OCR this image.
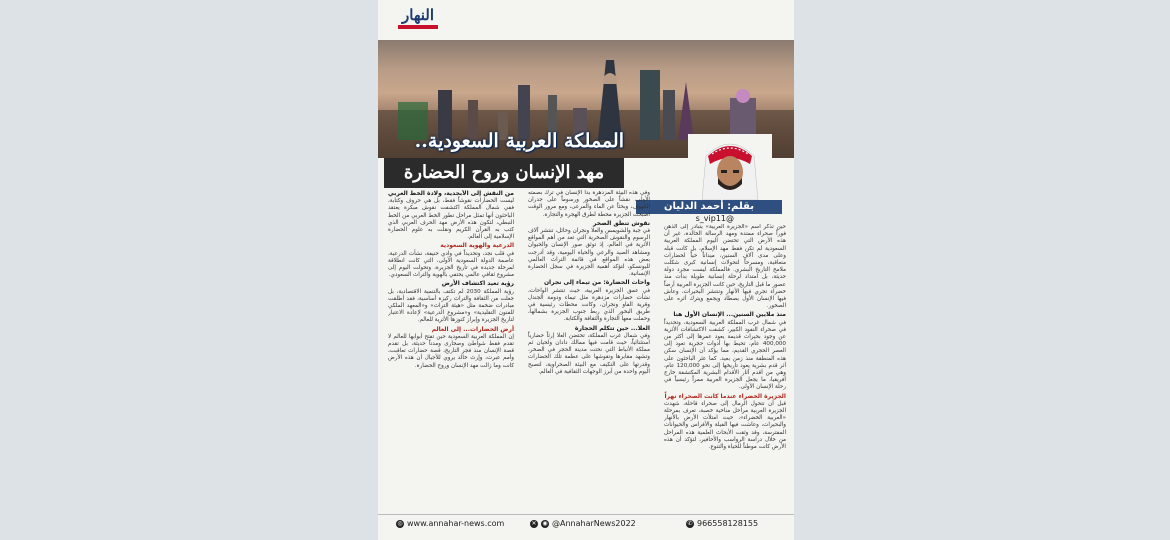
النهار
المملكة العربية السعودية..
مهد الإنسان وروح الحضارة
بقلم: أحمد الدليان
s_vip11@

حين تذكر اسم «الجزيرة العربية» يتبادر إلى الذهن فوراً صحراء ممتدة ومهد الرسالة الخالدة، غير أن هذه الأرض التي تحتضن اليوم المملكة العربية السعودية لم تكن فقط مهد الإسلام، بل كانت قبله وعلى مدى آلاف السنين، ميداناً حياً لحضارات متعاقبة، ومسرحاً لتحولات إنسانية كبرى شكلت ملامح التاريخ البشري. فالمملكة ليست مجرد دولة حديثة، بل امتداد لرحلة إنسانية طويلة بدأت منذ عصور ما قبل التاريخ، حين كانت الجزيرة العربية أرضاً خضراء تجري فيها الأنهار وتنتشر البحيرات، وعاش فيها الإنسان الأول يصطاد ويجمع ويترك أثره على الصخور.

منذ ملايين السنين... الإنسان الأول هنا

في شمال غرب المملكة العربية السعودية، وتحديداً في صحراء النفود الكبير، كشفت الاكتشافات الأثرية عن وجود بحيرات قديمة يعود عمرها إلى أكثر من 400,000 عام، تحيط بها أدوات حجرية تعود إلى العصر الحجري القديم، مما يؤكد أن الإنسان سكن هذه المنطقة منذ زمن بعيد. كما عثر الباحثون على أثر قدم بشرية يعود تاريخها إلى نحو 120,000 عام، وهي من أقدم آثار الأقدام البشرية المكتشفة خارج أفريقيا، ما يجعل الجزيرة العربية ممراً رئيسياً في رحلة الإنسان الأولى.

الجزيرة الخضراء عندما كانت الصحراء نهراً

قبل أن تتحول الرمال إلى صحراء قاحلة، شهدت الجزيرة العربية مراحل مناخية خصبة، تعرف بمرحلة «العربية الخضراء»، حيث امتلأت الأرض بالأنهار والبحيرات، وعاشت فيها الفيلة والأفراس والحيوانات المفترسة، وقد وثقت الأبحاث العلمية هذه المراحل من خلال دراسة الرواسب والأحافير، لتؤكد أن هذه الأرض كانت موطناً للحياة والتنوع.

وفي هذه البيئة المزدهرة بدأ الإنسان في ترك بصمته الأولى، نقشاً على الصخور ورسوماً على جدران الكهوف، وبحثاً عن الماء والمرعى، ومع مرور الوقت أصبحت الجزيرة محطة لطرق الهجرة والتجارة.

نقوش تنطق الصخر

في جبة والشويمس والعلا ونجران وحائل، تنتشر آلاف الرسوم والنقوش الصخرية التي تعد من أهم المواقع الأثرية في العالم، إذ توثق صور الإنسان والحيوان ومشاهد الصيد والرعي والحياة اليومية، وقد أدرجت بعض هذه المواقع في قائمة التراث العالمي لليونسكو، لتؤكد أهمية الجزيرة في سجل الحضارة الإنسانية.

واحات الحضارة: من تيماء إلى نجران

في عمق الجزيرة العربية، حيث تنتشر الواحات، نشأت حضارات مزدهرة مثل تيماء ودومة الجندل وقرية الفاو ونجران، وكانت محطات رئيسية في طريق البخور الذي ربط جنوب الجزيرة بشمالها، وحملت معها التجارة والثقافة والكتابة.

العلا... حين تتكلم الحجارة

وفي شمال غرب المملكة، تحتضن العلا إرثاً حضارياً استثنائياً، حيث قامت فيها ممالك دادان ولحيان ثم مملكة الأنباط التي نحتت مدينة الحجر في الصخر، وتشهد مقابرها ونقوشها على عظمة تلك الحضارات وقدرتها على التكيف مع البيئة الصحراوية، لتصبح اليوم واحدة من أبرز الوجهات الثقافية في العالم.

من النقش إلى الأبجدية، ولادة الخط العربي

ليست الحضارات نقوشاً فقط، بل هي حروف وكتابة، ففي شمال المملكة اكتشفت نقوش مبكرة يعتقد الباحثون أنها تمثل مراحل تطور الخط العربي من الخط النبطي، لتكون هذه الأرض مهد الحرف العربي الذي كتب به القرآن الكريم ونقلت به علوم الحضارة الإسلامية إلى العالم.

الدرعية والهوية السعودية

في قلب نجد، وتحديداً في وادي حنيفة، نشأت الدرعية، عاصمة الدولة السعودية الأولى، التي كانت انطلاقة لمرحلة جديدة في تاريخ الجزيرة، وتحولت اليوم إلى مشروع ثقافي عالمي يحتفي بالهوية والتراث السعودي.

رؤية تعيد اكتشاف الأرض

رؤية المملكة 2030 لم تكتف بالتنمية الاقتصادية، بل جعلت من الثقافة والتراث ركيزة أساسية، فقد أطلقت مبادرات ضخمة مثل «هيئة التراث» و«المعهد الملكي للفنون التقليدية» و«مشروع الدرعية» لإعادة الاعتبار لتاريخ الجزيرة وإبراز كنوزها الأثرية للعالم.

أرض الحضارات... إلى العالم

إن المملكة العربية السعودية حين تفتح أبوابها للعالم لا تقدم فقط شواطئ وصحارى ومدناً حديثة، بل تقدم قصة الإنسان منذ فجر التاريخ، قصة حضارات تعاقبت، وأمم عبرت، وإرث خالد يروي للأجيال أن هذه الأرض كانت وما زالت مهد الإنسان وروح الحضارة.

◎ www.annahar-news.com	✕ ◉ @AnnaharNews2022	✆ 966558128155
